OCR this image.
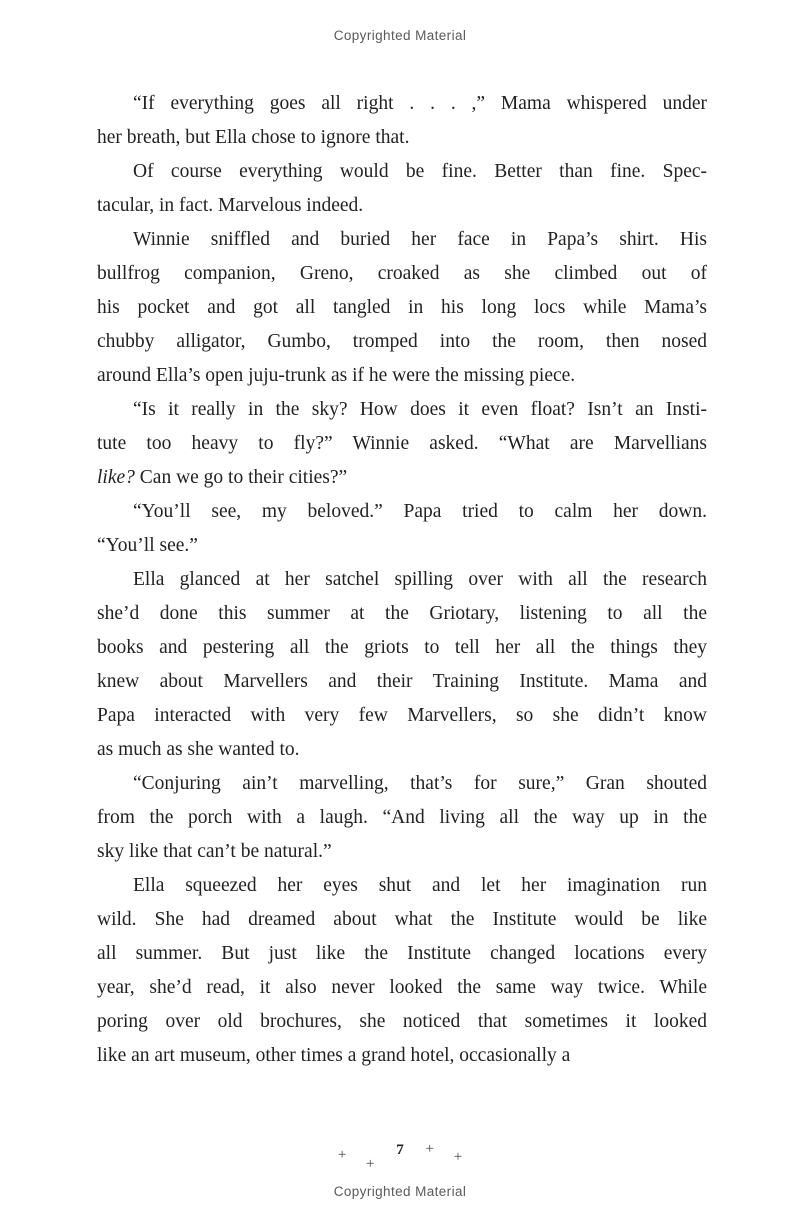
Copyrighted Material
“If everything goes all right . . . ,” Mama whispered under
her breath, but Ella chose to ignore that.
Of course everything would be fine. Better than fine. Spec-
tacular, in fact. Marvelous indeed.
Winnie sniffled and buried her face in Papa’s shirt. His
bullfrog companion, Greno, croaked as she climbed out of
his pocket and got all tangled in his long locs while Mama’s
chubby alligator, Gumbo, tromped into the room, then nosed
around Ella’s open juju-trunk as if he were the missing piece.
“Is it really in the sky? How does it even float? Isn’t an Insti-
tute too heavy to fly?” Winnie asked. “What are Marvellians
like? Can we go to their cities?”
“You’ll see, my beloved.” Papa tried to calm her down.
“You’ll see.”
Ella glanced at her satchel spilling over with all the research
she’d done this summer at the Griotary, listening to all the
books and pestering all the griots to tell her all the things they
knew about Marvellers and their Training Institute. Mama and
Papa interacted with very few Marvellers, so she didn’t know
as much as she wanted to.
“Conjuring ain’t marvelling, that’s for sure,” Gran shouted
from the porch with a laugh. “And living all the way up in the
sky like that can’t be natural.”
Ella squeezed her eyes shut and let her imagination run
wild. She had dreamed about what the Institute would be like
all summer. But just like the Institute changed locations every
year, she’d read, it also never looked the same way twice. While
poring over old brochures, she noticed that sometimes it looked
like an art museum, other times a grand hotel, occasionally a
+ + 7 + +
Copyrighted Material
